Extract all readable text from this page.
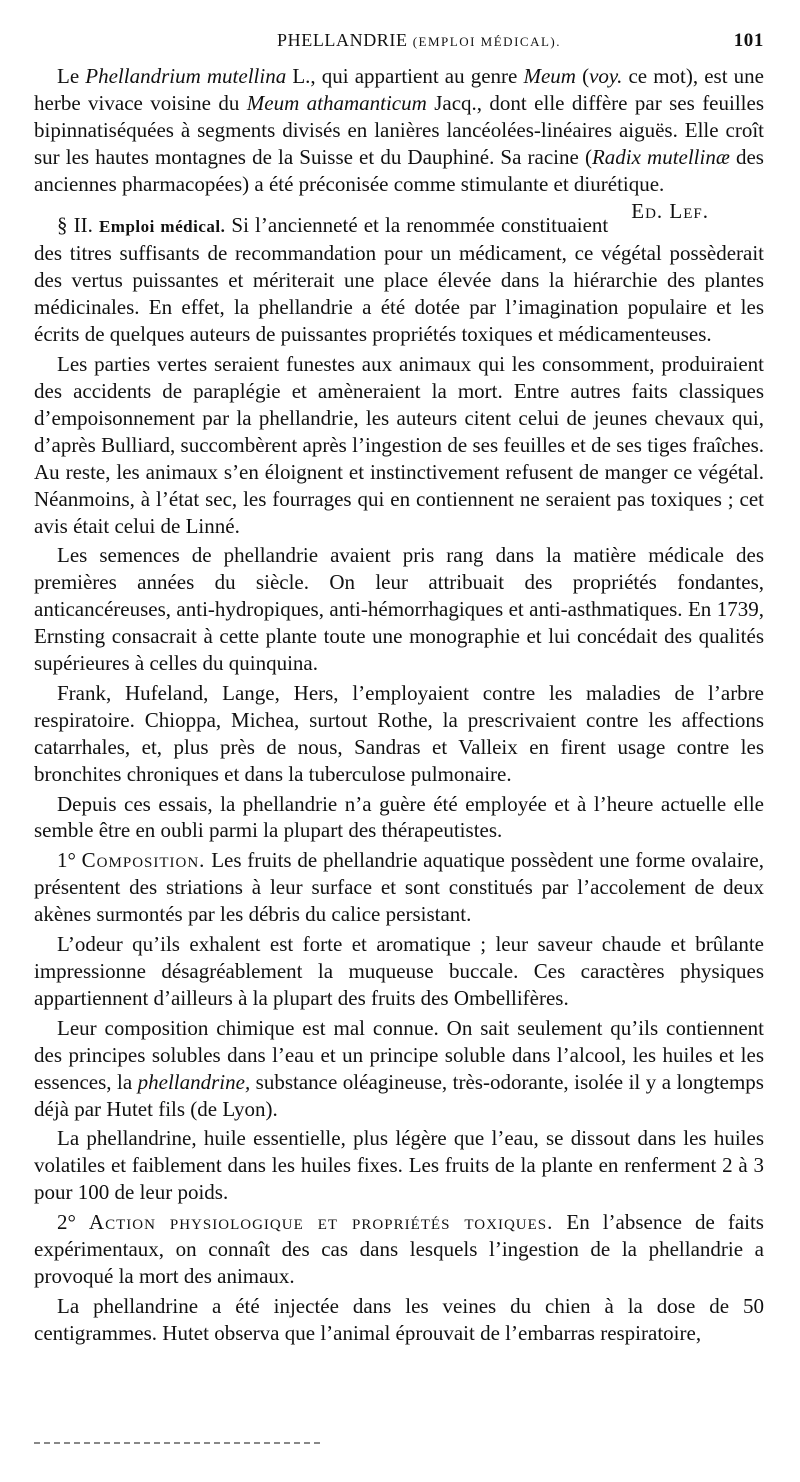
PHELLANDRIE (EMPLOI MÉDICAL).	101

Le Phellandrium mutellina L., qui appartient au genre Meum (voy. ce mot), est une herbe vivace voisine du Meum athamanticum Jacq., dont elle diffère par ses feuilles bipinnatiséquées à segments divisés en lanières lancéolées-linéaires aiguës. Elle croît sur les hautes montagnes de la Suisse et du Dauphiné. Sa racine (Radix mutellinæ des anciennes pharmacopées) a été préconisée comme stimulante et diurétique.
Ed. Lef.

§ II. Emploi médical. Si l’ancienneté et la renommée constituaient des titres suffisants de recommandation pour un médicament, ce végétal possèderait des vertus puissantes et mériterait une place élevée dans la hiérarchie des plantes médicinales. En effet, la phellandrie a été dotée par l’imagination populaire et les écrits de quelques auteurs de puissantes propriétés toxiques et médicamenteuses.

Les parties vertes seraient funestes aux animaux qui les consomment, produiraient des accidents de paraplégie et amèneraient la mort. Entre autres faits classiques d’empoisonnement par la phellandrie, les auteurs citent celui de jeunes chevaux qui, d’après Bulliard, succombèrent après l’ingestion de ses feuilles et de ses tiges fraîches. Au reste, les animaux s’en éloignent et instinctivement refusent de manger ce végétal. Néanmoins, à l’état sec, les fourrages qui en contiennent ne seraient pas toxiques ; cet avis était celui de Linné.

Les semences de phellandrie avaient pris rang dans la matière médicale des premières années du siècle. On leur attribuait des propriétés fondantes, anticancéreuses, anti-hydropiques, anti-hémorrhagiques et anti-asthmatiques. En 1739, Ernsting consacrait à cette plante toute une monographie et lui concédait des qualités supérieures à celles du quinquina.

Frank, Hufeland, Lange, Hers, l’employaient contre les maladies de l’arbre respiratoire. Chioppa, Michea, surtout Rothe, la prescrivaient contre les affections catarrhales, et, plus près de nous, Sandras et Valleix en firent usage contre les bronchites chroniques et dans la tuberculose pulmonaire.

Depuis ces essais, la phellandrie n’a guère été employée et à l’heure actuelle elle semble être en oubli parmi la plupart des thérapeutistes.

1° Composition. Les fruits de phellandrie aquatique possèdent une forme ovalaire, présentent des striations à leur surface et sont constitués par l’accolement de deux akènes surmontés par les débris du calice persistant.

L’odeur qu’ils exhalent est forte et aromatique ; leur saveur chaude et brûlante impressionne désagréablement la muqueuse buccale. Ces caractères physiques appartiennent d’ailleurs à la plupart des fruits des Ombellifères.

Leur composition chimique est mal connue. On sait seulement qu’ils contiennent des principes solubles dans l’eau et un principe soluble dans l’alcool, les huiles et les essences, la phellandrine, substance oléagineuse, très-odorante, isolée il y a longtemps déjà par Hutet fils (de Lyon).

La phellandrine, huile essentielle, plus légère que l’eau, se dissout dans les huiles volatiles et faiblement dans les huiles fixes. Les fruits de la plante en renferment 2 à 3 pour 100 de leur poids.

2° Action physiologique et propriétés toxiques. En l’absence de faits expérimentaux, on connaît des cas dans lesquels l’ingestion de la phellandrie a provoqué la mort des animaux.

La phellandrine a été injectée dans les veines du chien à la dose de 50 centigrammes. Hutet observa que l’animal éprouvait de l’embarras respiratoire,
